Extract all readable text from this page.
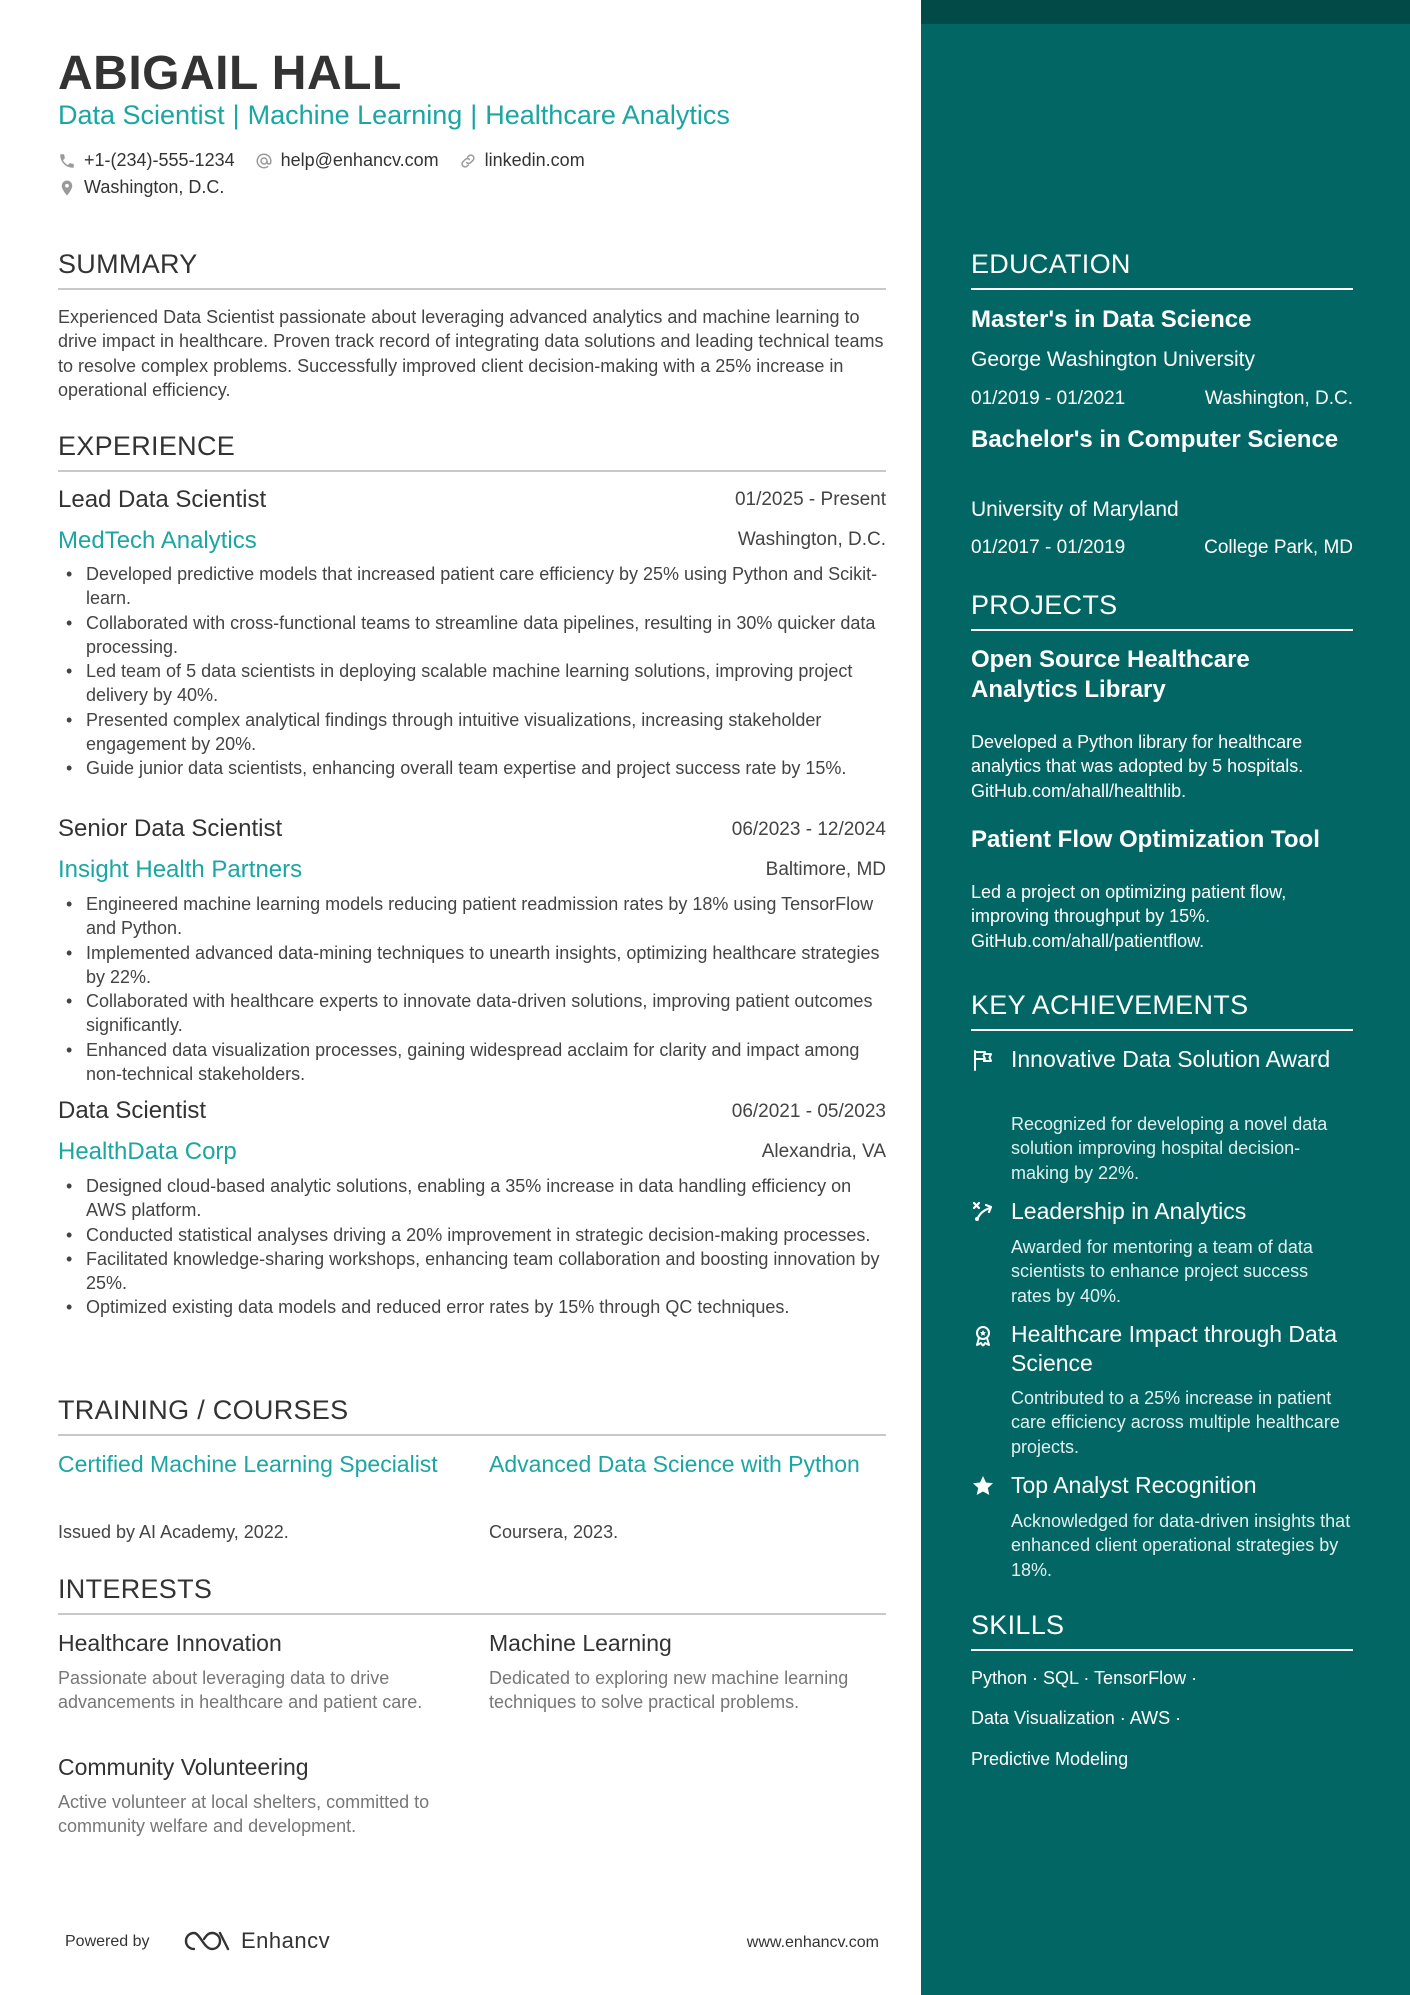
ABIGAIL HALL
Data Scientist | Machine Learning | Healthcare Analytics
+1-(234)-555-1234	help@enhancv.com	linkedin.com
Washington, D.C.
SUMMARY
Experienced Data Scientist passionate about leveraging advanced analytics and machine learning to drive impact in healthcare. Proven track record of integrating data solutions and leading technical teams to resolve complex problems. Successfully improved client decision-making with a 25% increase in operational efficiency.
EXPERIENCE
Lead Data Scientist	01/2025 - Present
MedTech Analytics	Washington, D.C.
• Developed predictive models that increased patient care efficiency by 25% using Python and Scikit-learn.
• Collaborated with cross-functional teams to streamline data pipelines, resulting in 30% quicker data processing.
• Led team of 5 data scientists in deploying scalable machine learning solutions, improving project delivery by 40%.
• Presented complex analytical findings through intuitive visualizations, increasing stakeholder engagement by 20%.
• Guide junior data scientists, enhancing overall team expertise and project success rate by 15%.
Senior Data Scientist	06/2023 - 12/2024
Insight Health Partners	Baltimore, MD
• Engineered machine learning models reducing patient readmission rates by 18% using TensorFlow and Python.
• Implemented advanced data-mining techniques to unearth insights, optimizing healthcare strategies by 22%.
• Collaborated with healthcare experts to innovate data-driven solutions, improving patient outcomes significantly.
• Enhanced data visualization processes, gaining widespread acclaim for clarity and impact among non-technical stakeholders.
Data Scientist	06/2021 - 05/2023
HealthData Corp	Alexandria, VA
• Designed cloud-based analytic solutions, enabling a 35% increase in data handling efficiency on AWS platform.
• Conducted statistical analyses driving a 20% improvement in strategic decision-making processes.
• Facilitated knowledge-sharing workshops, enhancing team collaboration and boosting innovation by 25%.
• Optimized existing data models and reduced error rates by 15% through QC techniques.
TRAINING / COURSES
Certified Machine Learning Specialist
Issued by AI Academy, 2022.
Advanced Data Science with Python
Coursera, 2023.
INTERESTS
Healthcare Innovation
Passionate about leveraging data to drive advancements in healthcare and patient care.
Machine Learning
Dedicated to exploring new machine learning techniques to solve practical problems.
Community Volunteering
Active volunteer at local shelters, committed to community welfare and development.
Powered by	Enhancv	www.enhancv.com
EDUCATION
Master's in Data Science
George Washington University
01/2019 - 01/2021	Washington, D.C.
Bachelor's in Computer Science
University of Maryland
01/2017 - 01/2019	College Park, MD
PROJECTS
Open Source Healthcare Analytics Library
Developed a Python library for healthcare analytics that was adopted by 5 hospitals. GitHub.com/ahall/healthlib.
Patient Flow Optimization Tool
Led a project on optimizing patient flow, improving throughput by 15%. GitHub.com/ahall/patientflow.
KEY ACHIEVEMENTS
Innovative Data Solution Award
Recognized for developing a novel data solution improving hospital decision-making by 22%.
Leadership in Analytics
Awarded for mentoring a team of data scientists to enhance project success rates by 40%.
Healthcare Impact through Data Science
Contributed to a 25% increase in patient care efficiency across multiple healthcare projects.
Top Analyst Recognition
Acknowledged for data-driven insights that enhanced client operational strategies by 18%.
SKILLS
Python · SQL · TensorFlow ·
Data Visualization · AWS ·
Predictive Modeling
